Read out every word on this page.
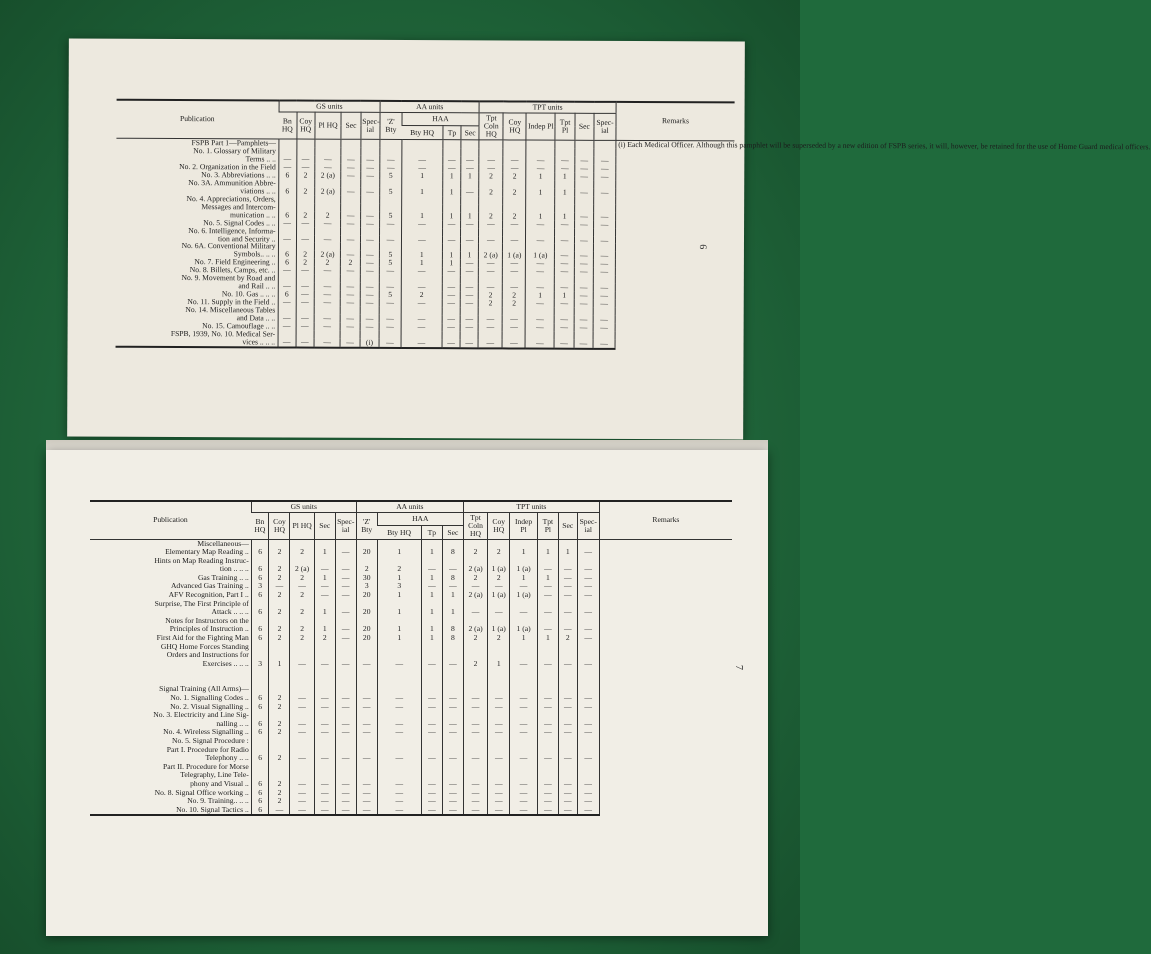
Publication	GS units					AA units				TPT units						Remarks
	Bn HQ	Coy HQ	Pl HQ	Sec	Spec-ial	'Z' Bty	HAA			Tpt Coln HQ	Coy HQ	Indep Pl	Tpt Pl	Sec	Spec-ial	
							Bty HQ	Tp	Sec							
FSPB Part 1—Pamphlets—																(i) Each Medical Officer. Although this pamphlet will be superseded by a new edition of FSPB series, it will, however, be retained for the use of Home Guard medical officers.
No. 1. Glossary of Military																
Terms .. ..	—	—	—	—	—	—	—	—	—	—	—	—	—	—	—	
No. 2. Organization in the Field	—	—	—	—	—	—	—	—	—	—	—	—	—	—	—	
No. 3. Abbreviations .. ..	6	2	2 (a)	—	—	5	1	1	1	2	2	1	1	—	—	
No. 3A. Ammunition Abbre-																
viations .. ..	6	2	2 (a)	—	—	5	1	1	—	2	2	1	1	—	—	
No. 4. Appreciations, Orders,																
Messages and Intercom-																
munication .. ..	6	2	2	—	—	5	1	1	1	2	2	1	1	—	—	
No. 5. Signal Codes .. ..	—	—	—	—	—	—	—	—	—	—	—	—	—	—	—	
No. 6. Intelligence, Informa-																
tion and Security ..	—	—	—	—	—	—	—	—	—	—	—	—	—	—	—	
No. 6A. Conventional Military																
Symbols.. .. ..	6	2	2 (a)	—	—	5	1	1	1	2 (a)	1 (a)	1 (a)	—	—	—	
No. 7. Field Engineering ..	6	2	2	2	—	5	1	1	—	—	—	—	—	—	—	
No. 8. Billets, Camps, etc. ..	—	—	—	—	—	—	—	—	—	—	—	—	—	—	—	
No. 9. Movement by Road and																
and Rail .. ..	—	—	—	—	—	—	—	—	—	—	—	—	—	—	—	
No. 10. Gas .. .. ..	6	—	—	—	—	5	2	—	—	2	2	1	1	—	—	
No. 11. Supply in the Field ..	—	—	—	—	—	—	—	—	—	2	2	—	—	—	—	
No. 14. Miscellaneous Tables																
and Data .. ..	—	—	—	—	—	—	—	—	—	—	—	—	—	—	—	
No. 15. Camouflage .. ..	—	—	—	—	—	—	—	—	—	—	—	—	—	—	—	
FSPB, 1939, No. 10. Medical Ser-																
vices .. .. ..	—	—	—	—	(i)	—	—	—	—	—	—	—	—	—	—	
6
Publication	GS units					AA units				TPT units						Remarks
	Bn HQ	Coy HQ	Pl HQ	Sec	Spec-ial	'Z' Bty	HAA			Tpt Coln HQ	Coy HQ	Indep Pl	Tpt Pl	Sec	Spec-ial	
							Bty HQ	Tp	Sec							
Miscellaneous—																
Elementary Map Reading ..	6	2	2	1	—	20	1	1	8	2	2	1	1	1	—	
Hints on Map Reading Instruc-																
tion .. .. ..	6	2	2 (a)	—	—	2	2	—	—	2 (a)	1 (a)	1 (a)	—	—	—	
Gas Training .. ..	6	2	2	1	—	30	1	1	8	2	2	1	1	—	—	
Advanced Gas Training ..	3	—	—	—	—	3	3	—	—	—	—	—	—	—	—	
AFV Recognition, Part I ..	6	2	2	—	—	20	1	1	1	2 (a)	1 (a)	1 (a)	—	—	—	
Surprise, The First Principle of																
Attack .. .. ..	6	2	2	1	—	20	1	1	1	—	—	—	—	—	—	
Notes for Instructors on the																
Principles of Instruction ..	6	2	2	1	—	20	1	1	8	2 (a)	1 (a)	1 (a)	—	—	—	
First Aid for the Fighting Man	6	2	2	2	—	20	1	1	8	2	2	1	1	2	—	
GHQ Home Forces Standing																
Orders and Instructions for																
Exercises .. .. ..	3	1	—	—	—	—	—	—	—	2	1	—	—	—	—	

Signal Training (All Arms)—																
No. 1. Signalling Codes ..	6	2	—	—	—	—	—	—	—	—	—	—	—	—	—	
No. 2. Visual Signalling ..	6	2	—	—	—	—	—	—	—	—	—	—	—	—	—	
No. 3. Electricity and Line Sig-																
nalling .. ..	6	2	—	—	—	—	—	—	—	—	—	—	—	—	—	
No. 4. Wireless Signalling ..	6	2	—	—	—	—	—	—	—	—	—	—	—	—	—	
No. 5. Signal Procedure :																
Part I. Procedure for Radio																
Telephony .. ..	6	2	—	—	—	—	—	—	—	—	—	—	—	—	—	
Part II. Procedure for Morse																
Telegraphy, Line Tele-																
phony and Visual ..	6	2	—	—	—	—	—	—	—	—	—	—	—	—	—	
No. 8. Signal Office working ..	6	2	—	—	—	—	—	—	—	—	—	—	—	—	—	
No. 9. Training.. .. ..	6	2	—	—	—	—	—	—	—	—	—	—	—	—	—	
No. 10. Signal Tactics ..	6	—	—	—	—	—	—	—	—	—	—	—	—	—	—	
7
